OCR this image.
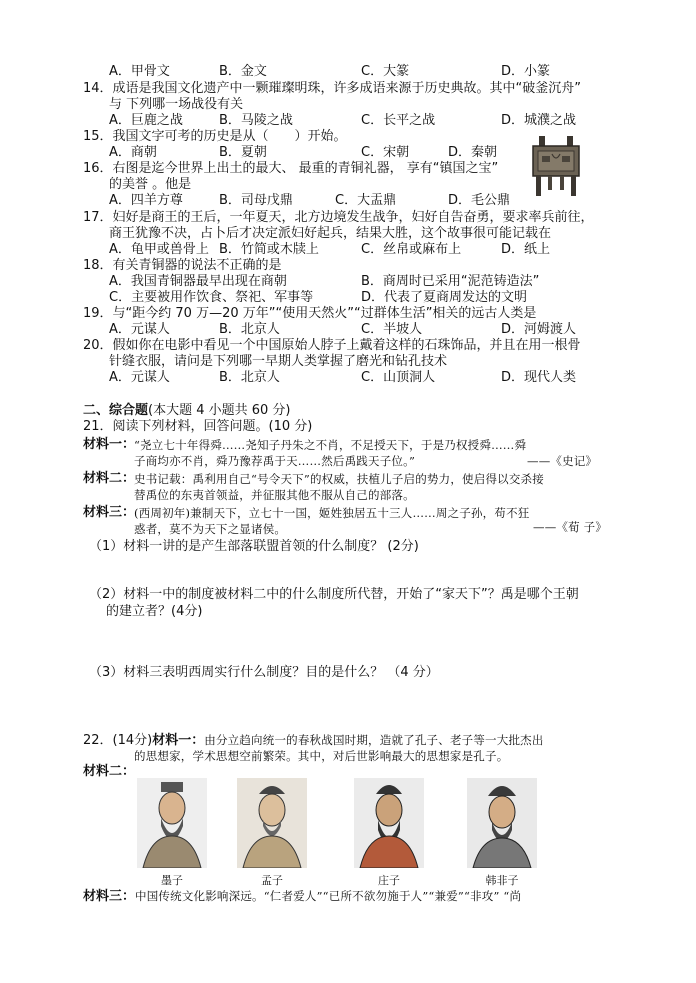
A．甲骨文	B．金文	C．大篆	D．小篆
14．成语是我国文化遗产中一颗璀璨明珠，许多成语来源于历史典故。其中“破釜沉舟”
与 下列哪一场战役有关
A．巨鹿之战	B．马陵之战	C．长平之战	D．城濮之战
15．我国文字可考的历史是从（　　）开始。
A．商朝	B．夏朝	C．宋朝	D．秦朝
16．右图是迄今世界上出土的最大、 最重的青铜礼器， 享有“镇国之宝”
的美誉 。他是
A．四羊方尊	B．司母戊鼎	C．大盂鼎	D．毛公鼎
17．妇好是商王的王后，一年夏天，北方边境发生战争，妇好自告奋勇，要求率兵前往，
商王犹豫不决，占卜后才决定派妇好起兵，结果大胜，这个故事很可能记载在
A．龟甲或兽骨上 B．竹简或木牍上	C．丝帛或麻布上	D．纸上
18．有关青铜器的说法不正确的是
A．我国青铜器最早出现在商朝	B．商周时已采用“泥范铸造法”
C．主要被用作饮食、祭祀、军事等	D．代表了夏商周发达的文明
19．与“距今约 70 万—20 万年”“使用天然火”“过群体生活”相关的远古人类是
A．元谋人	B．北京人	C．半坡人	D．河姆渡人
20．假如你在电影中看见一个中国原始人脖子上戴着这样的石珠饰品，并且在用一根骨
针缝衣服，请问是下列哪一早期人类掌握了磨光和钻孔技术
A．元谋人	B．北京人	C．山顶洞人	D．现代人类
二、综合题(本大题 4 小题共 60 分)
21．阅读下列材料，回答问题。(10 分)
材料一：
“尧立七十年得舜……尧知子丹朱之不肖，不足授天下，于是乃权授舜……舜
子商均亦不肖，舜乃豫荐禹于天……然后禹践天子位。”	——《史记》
材料二：
史书记载：禹利用自己“号令天下”的权威，扶植儿子启的势力，使启得以交杀接
替禹位的东夷首领益，并征服其他不服从自己的部落。
材料三：
(西周初年)兼制天下，立七十一国，姬姓独居五十三人……周之子孙，苟不狂
惑者，莫不为天下之显诸侯。	——《荀 子》
（1）材料一讲的是产生部落联盟首领的什么制度？ (2分)
（2）材料一中的制度被材料二中的什么制度所代替，开始了“家天下”？禹是哪个王朝
的建立者？(4分)
（3）材料三表明西周实行什么制度？目的是什么？ （4 分）
22．(14分)材料一：由分立趋向统一的春秋战国时期，造就了孔子、老子等一大批杰出
的思想家，学术思想空前繁荣。其中，对后世影响最大的思想家是孔子。
材料二：
墨子	孟子	庄子	韩非子
材料三：中国传统文化影响深远。“仁者爱人”“已所不欲勿施于人”“兼爱”“非攻” “尚
